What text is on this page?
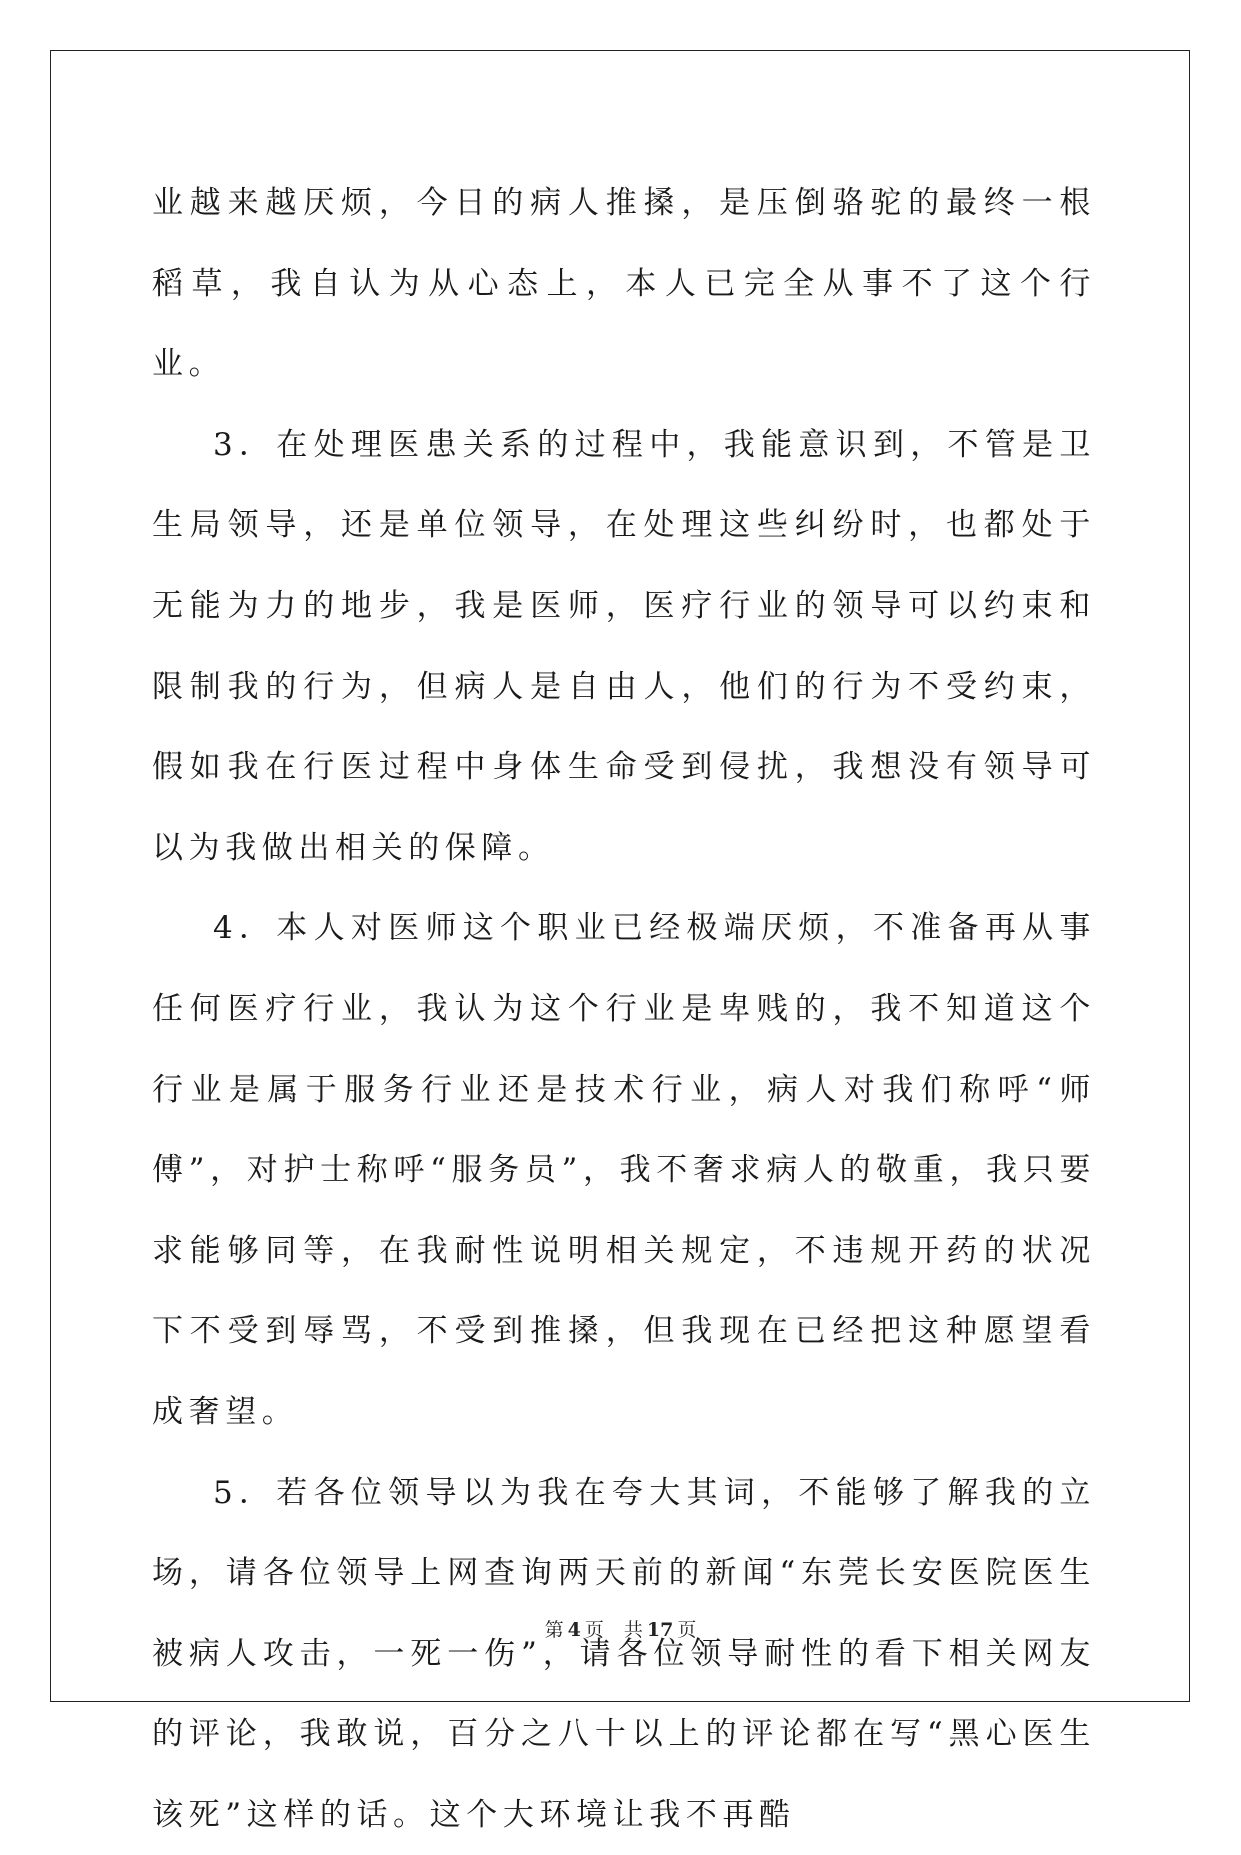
业越来越厌烦，今日的病人推搡，是压倒骆驼的最终一根稻草，我自认为从心态上，本人已完全从事不了这个行业。

3．在处理医患关系的过程中，我能意识到，不管是卫生局领导，还是单位领导，在处理这些纠纷时，也都处于无能为力的地步，我是医师，医疗行业的领导可以约束和限制我的行为，但病人是自由人，他们的行为不受约束，假如我在行医过程中身体生命受到侵扰，我想没有领导可以为我做出相关的保障。

4．本人对医师这个职业已经极端厌烦，不准备再从事任何医疗行业，我认为这个行业是卑贱的，我不知道这个行业是属于服务行业还是技术行业，病人对我们称呼“师傅”，对护士称呼“服务员”，我不奢求病人的敬重，我只要求能够同等，在我耐性说明相关规定，不违规开药的状况下不受到辱骂，不受到推搡，但我现在已经把这种愿望看成奢望。

5．若各位领导以为我在夸大其词，不能够了解我的立场，请各位领导上网查询两天前的新闻“东莞长安医院医生被病人攻击，一死一伤”，请各位领导耐性的看下相关网友的评论，我敢说，百分之八十以上的评论都在写“黑心医生该死”这样的话。这个大环境让我不再酷

第 4 页 共 17 页
